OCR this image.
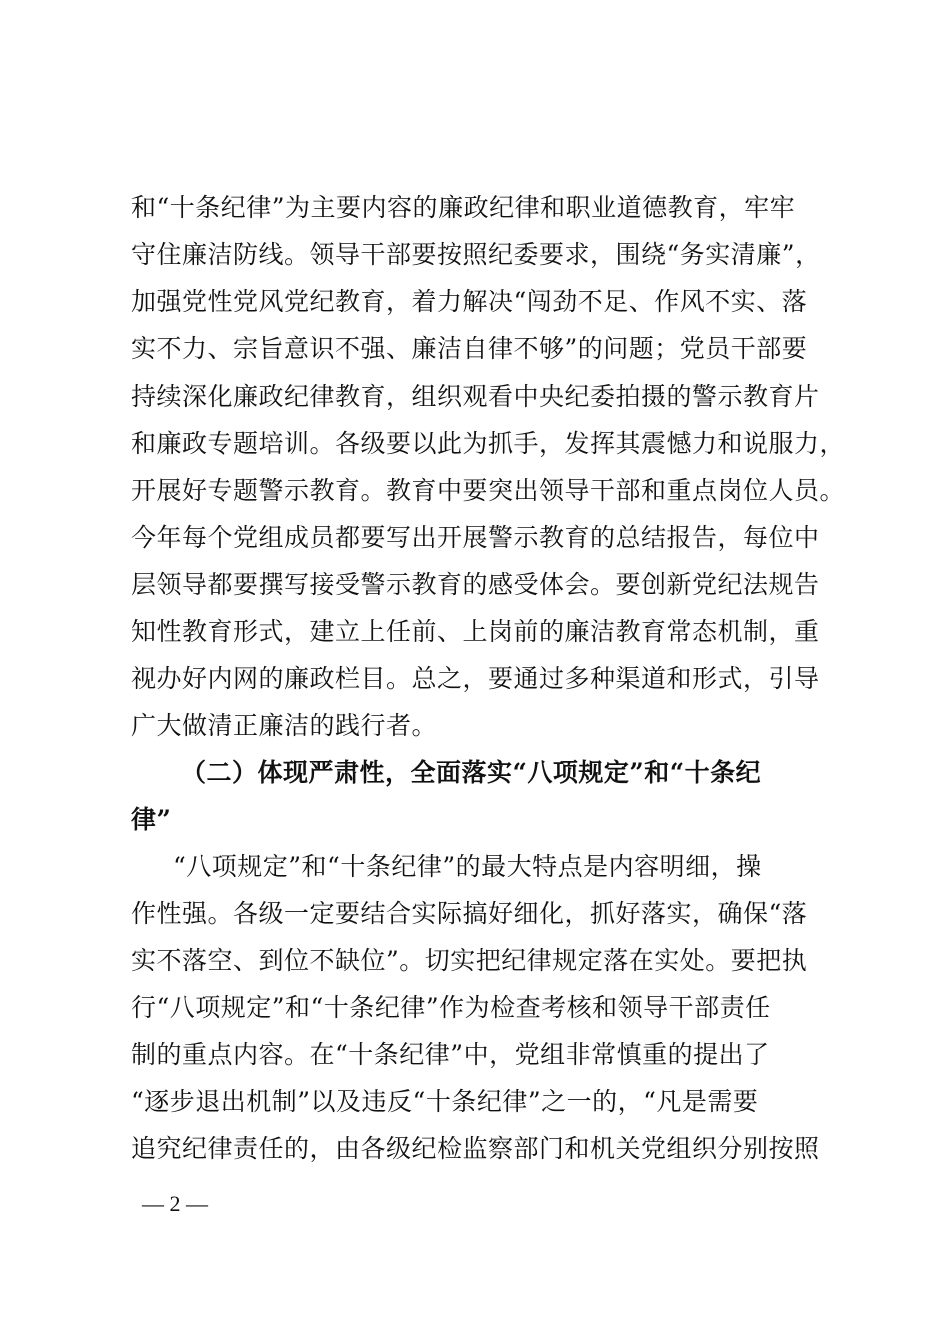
和“十条纪律”为主要内容的廉政纪律和职业道德教育，牢牢
守住廉洁防线。领导干部要按照纪委要求，围绕“务实清廉”，
加强党性党风党纪教育，着力解决“闯劲不足、作风不实、落
实不力、宗旨意识不强、廉洁自律不够”的问题；党员干部要
持续深化廉政纪律教育，组织观看中央纪委拍摄的警示教育片
和廉政专题培训。各级要以此为抓手，发挥其震憾力和说服力，
开展好专题警示教育。教育中要突出领导干部和重点岗位人员。
今年每个党组成员都要写出开展警示教育的总结报告，每位中
层领导都要撰写接受警示教育的感受体会。要创新党纪法规告
知性教育形式，建立上任前、上岗前的廉洁教育常态机制，重
视办好内网的廉政栏目。总之，要通过多种渠道和形式，引导
广大做清正廉洁的践行者。
（二）体现严肃性，全面落实“八项规定”和“十条纪
律”
“八项规定”和“十条纪律”的最大特点是内容明细，操
作性强。各级一定要结合实际搞好细化，抓好落实，确保“落
实不落空、到位不缺位”。切实把纪律规定落在实处。要把执
行“八项规定”和“十条纪律”作为检查考核和领导干部责任
制的重点内容。在“十条纪律”中，党组非常慎重的提出了
“逐步退出机制”以及违反“十条纪律”之一的，“凡是需要
追究纪律责任的，由各级纪检监察部门和机关党组织分别按照
— 2 —
